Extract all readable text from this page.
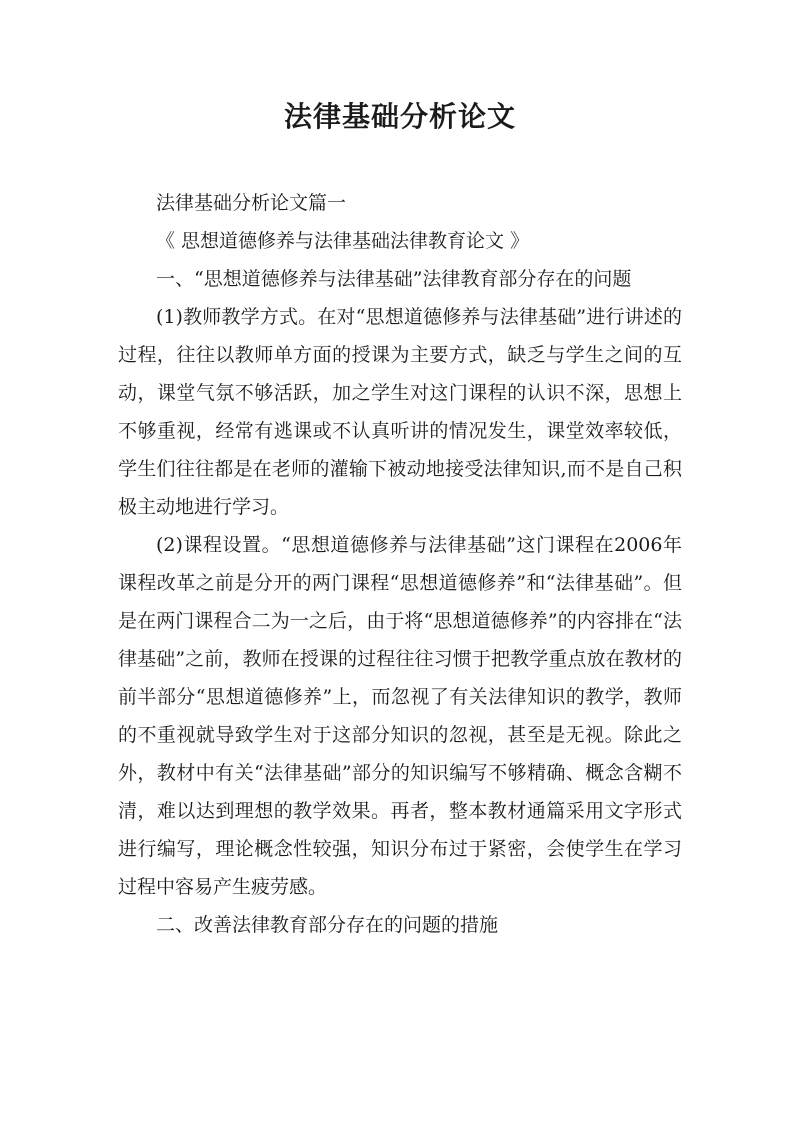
法律基础分析论文

法律基础分析论文篇一

《 思想道德修养与法律基础法律教育论文 》

一、“思想道德修养与法律基础”法律教育部分存在的问题

(1)教师教学方式。在对“思想道德修养与法律基础”进行讲述的过程，往往以教师单方面的授课为主要方式，缺乏与学生之间的互动，课堂气氛不够活跃，加之学生对这门课程的认识不深，思想上不够重视，经常有逃课或不认真听讲的情况发生，课堂效率较低，学生们往往都是在老师的灌输下被动地接受法律知识,而不是自己积极主动地进行学习。

(2)课程设置。“思想道德修养与法律基础”这门课程在2006年课程改革之前是分开的两门课程“思想道德修养”和“法律基础”。但是在两门课程合二为一之后，由于将“思想道德修养”的内容排在“法律基础”之前，教师在授课的过程往往习惯于把教学重点放在教材的前半部分“思想道德修养”上，而忽视了有关法律知识的教学，教师的不重视就导致学生对于这部分知识的忽视，甚至是无视。除此之外，教材中有关“法律基础”部分的知识编写不够精确、概念含糊不清，难以达到理想的教学效果。再者，整本教材通篇采用文字形式进行编写，理论概念性较强，知识分布过于紧密，会使学生在学习过程中容易产生疲劳感。

二、改善法律教育部分存在的问题的措施
